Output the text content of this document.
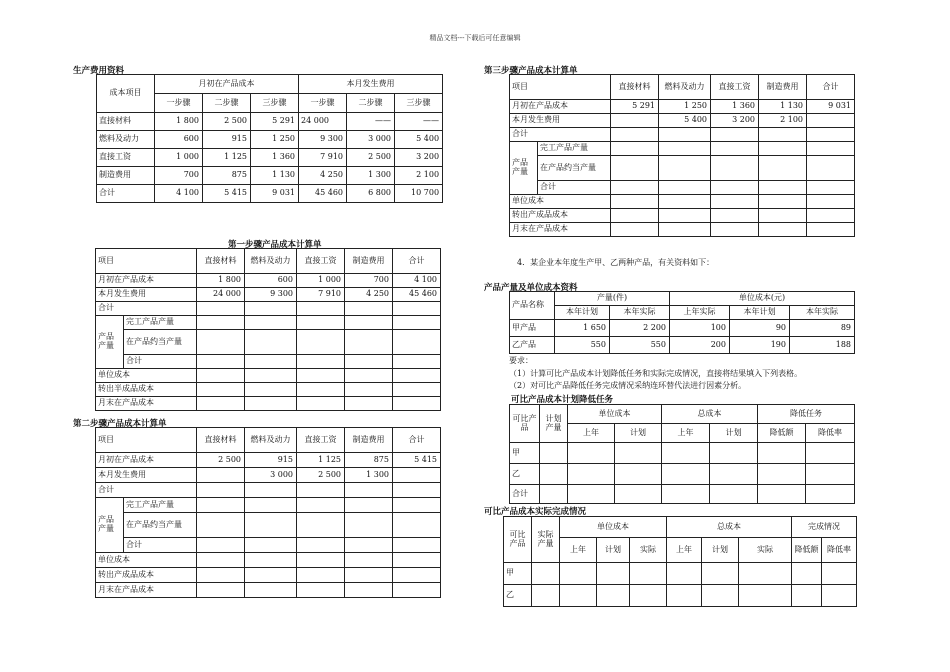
精品文档---下载后可任意编辑
生产费用资料
成本项目	月初在产品成本			本月发生费用		
	一步骤	二步骤	三步骤	一步骤	二步骤	三步骤
直接材料	1 800	2 500	5 291	24 000	——	——
燃料及动力	600	915	1 250	9 300	3 000	5 400
直接工资	1 000	1 125	1 360	7 910	2 500	3 200
制造费用	700	875	1 130	4 250	1 300	2 100
合计	4 100	5 415	9 031	45 460	6 800	10 700
第一步骤产品成本计算单
项目		直接材料	燃料及动力	直接工资	制造费用	合计
月初在产品成本		1 800	600	1 000	700	4 100
本月发生费用		24 000	9 300	7 910	4 250	45 460
合计						
产品产量	完工产品产量					
	在产品约当产量					
	合计					
单位成本						
转出半成品成本						
月末在产品成本						
第二步骤产品成本计算单
项目		直接材料	燃料及动力	直接工资	制造费用	合计
月初在产品成本		2 500	915	1 125	875	5 415
本月发生费用			3 000	2 500	1 300	
合计						
产品产量	完工产品产量					
	在产品约当产量					
	合计					
单位成本						
转出产成品成本						
月末在产品成本						
第三步骤产品成本计算单
项目		直接材料	燃料及动力	直接工资	制造费用	合计
月初在产品成本		5 291	1 250	1 360	1 130	9 031
本月发生费用			5 400	3 200	2 100	
合计						
产品产量	完工产品产量					
	在产品约当产量					
	合计					
单位成本						
转出产成品成本						
月末在产品成本						
4．某企业本年度生产甲、乙两种产品，有关资料如下：
产品产量及单位成本资料
产品名称	产量(件)		单位成本(元)		
	本年计划	本年实际	上年实际	本年计划	本年实际
甲产品	1 650	2 200	100	90	89
乙产品	550	550	200	190	188
要求：
（1）计算可比产品成本计划降低任务和实际完成情况，直接将结果填入下列表格。
（2）对可比产品降低任务完成情况采纳连环替代法进行因素分析。
可比产品成本计划降低任务
可比产品	计划产量	单位成本		总成本		降低任务	
		上年	计划	上年	计划	降低额	降低率
甲							
乙							
合计							
可比产品成本实际完成情况
可比产品	实际产量	单位成本			总成本			完成情况	
		上年	计划	实际	上年	计划	实际	降低额	降低率
甲									
乙									
